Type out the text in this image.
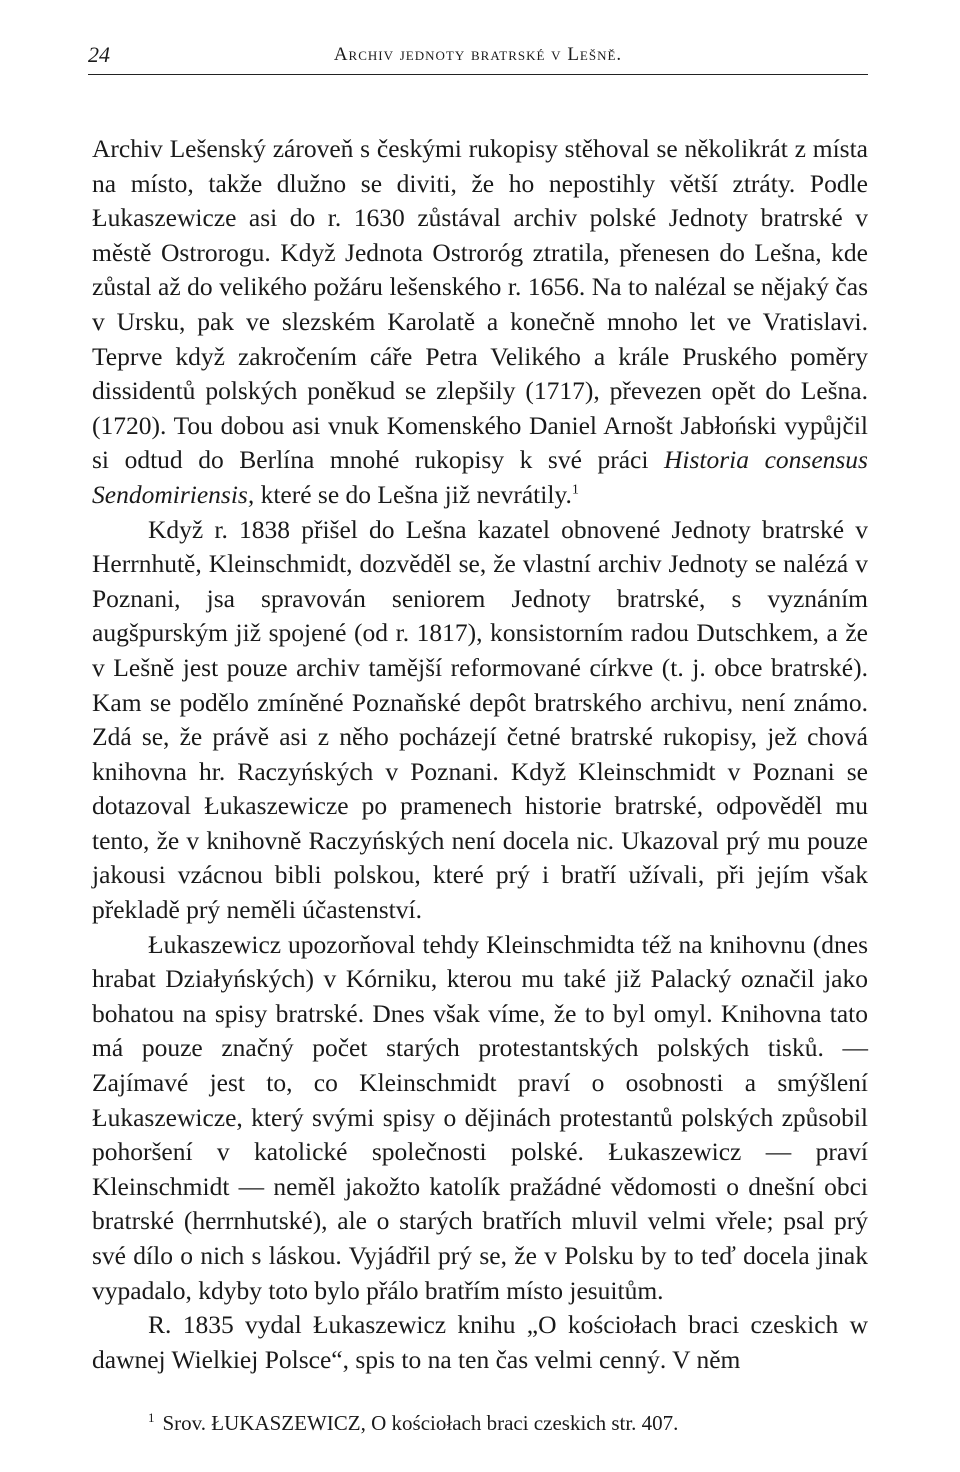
24	Archiv jednoty bratrské v Lešně.

Archiv Lešenský zároveň s českými rukopisy stěhoval se několikrát z místa na místo, takže dlužno se diviti, že ho nepostihly větší ztráty. Podle Łukaszewicze asi do r. 1630 zůstával archiv polské Jednoty bratrské v městě Ostrorogu. Když Jednota Ostroróg ztratila, přenesen do Lešna, kde zůstal až do velikého požáru lešenského r. 1656. Na to nalézal se nějaký čas v Ursku, pak ve slezském Karolatě a konečně mnoho let ve Vratislavi. Teprve když zakročením cáře Petra Velikého a krále Pruského poměry dissidentů polských poněkud se zlepšily (1717), převezen opět do Lešna. (1720). Tou dobou asi vnuk Komenského Daniel Arnošt Jabłoński vypůjčil si odtud do Berlína mnohé rukopisy k své práci Historia consensus Sendomiriensis, které se do Lešna již nevrátily.$^1$

Když r. 1838 přišel do Lešna kazatel obnovené Jednoty bratrské v Herrnhutě, Kleinschmidt, dozvěděl se, že vlastní archiv Jednoty se nalézá v Poznani, jsa spravován seniorem Jednoty bratrské, s vyznáním augšpurským již spojené (od r. 1817), konsistorním radou Dutschkem, a že v Lešně jest pouze archiv tamější reformované církve (t. j. obce bratrské). Kam se podělo zmíněné Poznaňské depôt bratrského archivu, není známo. Zdá se, že právě asi z něho pocházejí četné bratrské rukopisy, jež chová knihovna hr. Raczyńských v Poznani. Když Kleinschmidt v Poznani se dotazoval Łukaszewicze po pramenech historie bratrské, odpověděl mu tento, že v knihovně Raczyńských není docela nic. Ukazoval prý mu pouze jakousi vzácnou bibli polskou, které prý i bratří užívali, při jejím však překladě prý neměli účastenství.

Łukaszewicz upozorňoval tehdy Kleinschmidta též na knihovnu (dnes hrabat Działyńských) v Kórniku, kterou mu také již Palacký označil jako bohatou na spisy bratrské. Dnes však víme, že to byl omyl. Knihovna tato má pouze značný počet starých protestantských polských tisků. — Zajímavé jest to, co Kleinschmidt praví o osobnosti a smýšlení Łukaszewicze, který svými spisy o dějinách protestantů polských způsobil pohoršení v katolické společnosti polské. Łukaszewicz — praví Kleinschmidt — neměl jakožto katolík pražádné vědomosti o dnešní obci bratrské (herrnhutské), ale o starých bratřích mluvil velmi vřele; psal prý své dílo o nich s láskou. Vyjádřil prý se, že v Polsku by to teď docela jinak vypadalo, kdyby toto bylo přálo bratřím místo jesuitům.

R. 1835 vydal Łukaszewicz knihu „O kościołach braci czeskich w dawnej Wielkiej Polsce“, spis to na ten čas velmi cenný. V něm

$^1$ Srov. ŁUKASZEWICZ, O kościołach braci czeskich str. 407.
